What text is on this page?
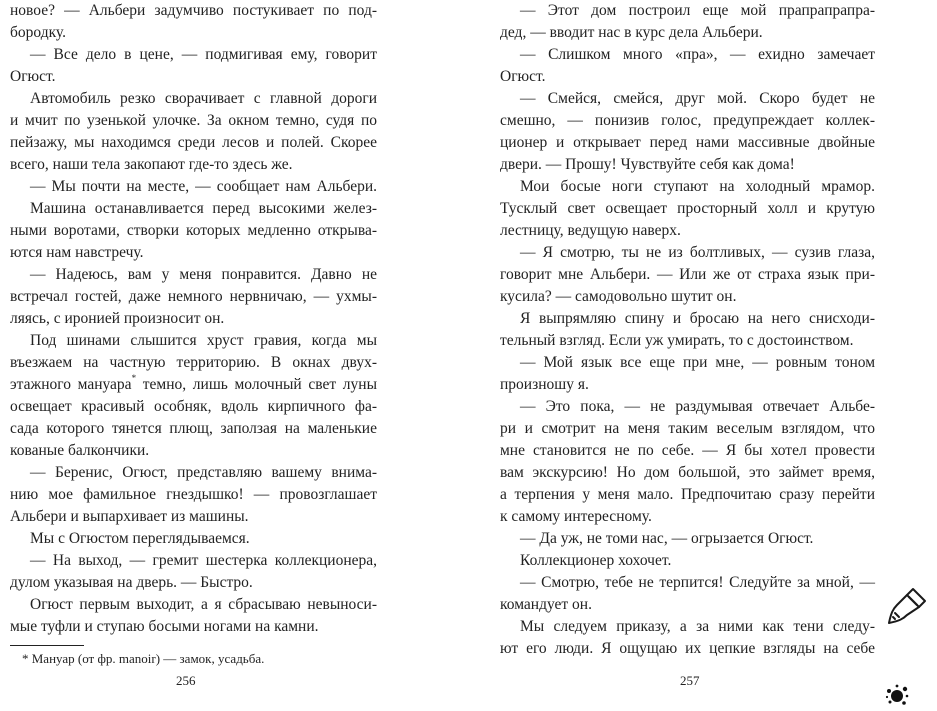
новое? — Альбери задумчиво постукивает по под-
бородку.
— Все дело в цене, — подмигивая ему, говорит
Огюст.
Автомобиль резко сворачивает с главной дороги
и мчит по узенькой улочке. За окном темно, судя по
пейзажу, мы находимся среди лесов и полей. Скорее
всего, наши тела закопают где-то здесь же.
— Мы почти на месте, — сообщает нам Альбери.
Машина останавливается перед высокими желез-
ными воротами, створки которых медленно открыва-
ются нам навстречу.
— Надеюсь, вам у меня понравится. Давно не
встречал гостей, даже немного нервничаю, — ухмы-
ляясь, с иронией произносит он.
Под шинами слышится хруст гравия, когда мы
въезжаем на частную территорию. В окнах двух-
этажного мануара* темно, лишь молочный свет луны
освещает красивый особняк, вдоль кирпичного фа-
сада которого тянется плющ, заползая на маленькие
кованые балкончики.
— Беренис, Огюст, представляю вашему внима-
нию мое фамильное гнездышко! — провозглашает
Альбери и выпархивает из машины.
Мы с Огюстом переглядываемся.
— На выход, — гремит шестерка коллекционера,
дулом указывая на дверь. — Быстро.
Огюст первым выходит, а я сбрасываю невыноси-
мые туфли и ступаю босыми ногами на камни.
* Мануар (от фр. manoir) — замок, усадьба.
256
— Этот дом построил еще мой прапрапрапра-
дед, — вводит нас в курс дела Альбери.
— Слишком много «пра», — ехидно замечает
Огюст.
— Смейся, смейся, друг мой. Скоро будет не
смешно, — понизив голос, предупреждает коллек-
ционер и открывает перед нами массивные двойные
двери. — Прошу! Чувствуйте себя как дома!
Мои босые ноги ступают на холодный мрамор.
Тусклый свет освещает просторный холл и крутую
лестницу, ведущую наверх.
— Я смотрю, ты не из болтливых, — сузив глаза,
говорит мне Альбери. — Или же от страха язык при-
кусила? — самодовольно шутит он.
Я выпрямляю спину и бросаю на него снисходи-
тельный взгляд. Если уж умирать, то с достоинством.
— Мой язык все еще при мне, — ровным тоном
произношу я.
— Это пока, — не раздумывая отвечает Альбе-
ри и смотрит на меня таким веселым взглядом, что
мне становится не по себе. — Я бы хотел провести
вам экскурсию! Но дом большой, это займет время,
а терпения у меня мало. Предпочитаю сразу перейти
к самому интересному.
— Да уж, не томи нас, — огрызается Огюст.
Коллекционер хохочет.
— Смотрю, тебе не терпится! Следуйте за мной, —
командует он.
Мы следуем приказу, а за ними как тени следу-
ют его люди. Я ощущаю их цепкие взгляды на себе
257
